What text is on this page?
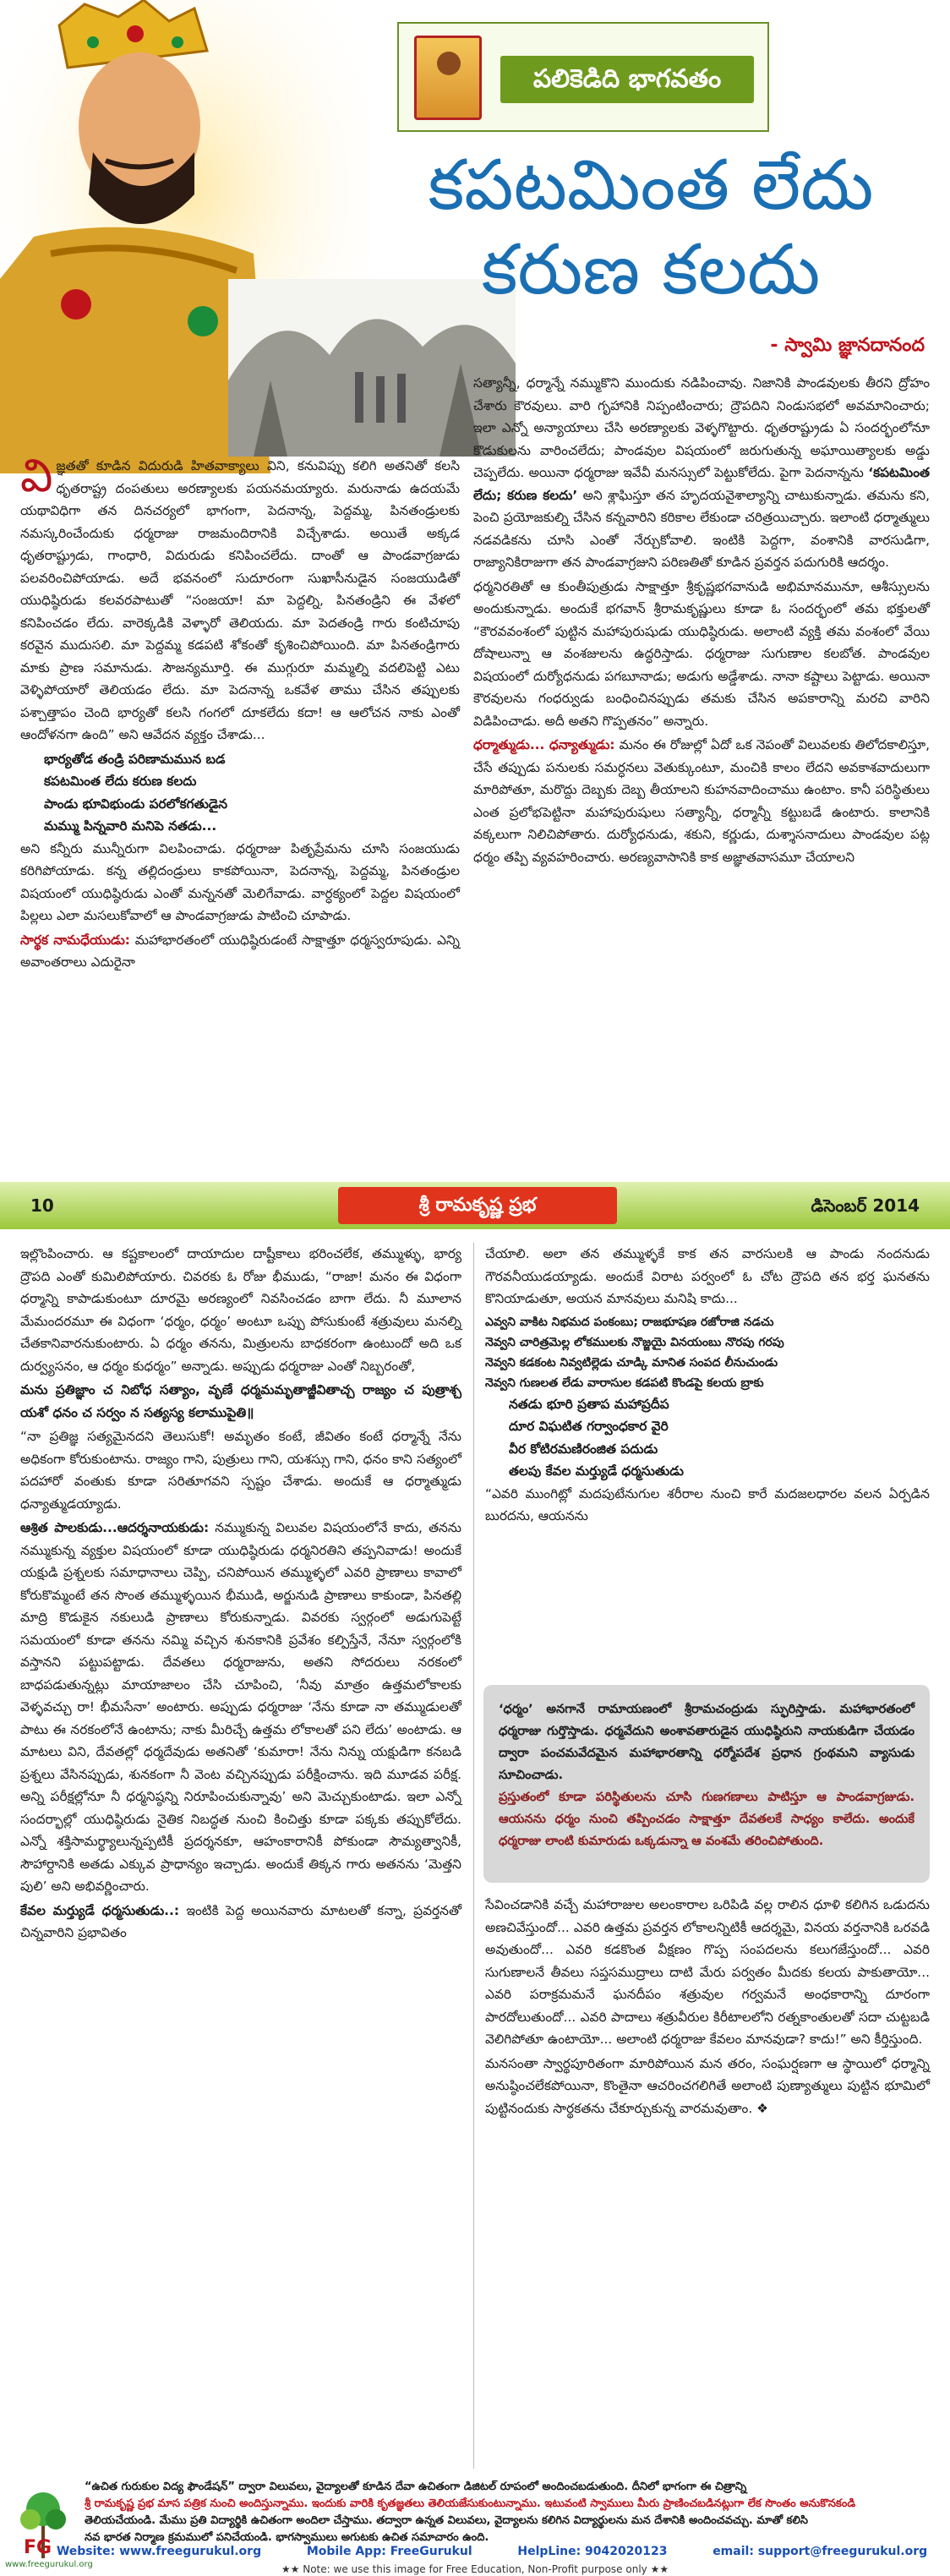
పలికెడిది భాగవతం
కపటమింత లేదు
కరుణ కలదు
- స్వామి జ్ఞానదానంద

సత్యాన్నీ, ధర్మాన్నే నమ్ముకొని ముందుకు నడిపించావు. నిజానికి పాండవులకు తీరని ద్రోహం చేశారు కౌరవులు. వారి గృహానికి నిప్పంటించారు; ద్రౌపదిని నిండుసభలో అవమానించారు; ఇలా ఎన్నో అన్యాయాలు చేసి అరణ్యాలకు వెళ్ళగొట్టారు. ధృతరాష్ట్రుడు ఏ సందర్భంలోనూ కొడుకులను వారించలేదు; పాండవుల విషయంలో జరుగుతున్న అఘాయిత్యాలకు అడ్డు చెప్పలేదు. అయినా ధర్మరాజు ఇవేవీ మనస్సులో పెట్టుకోలేదు. పైగా పెదనాన్నను ‘కపటమింత లేదు; కరుణ కలదు’ అని శ్లాఘిస్తూ తన హృదయవైశాల్యాన్ని చాటుకున్నాడు. తమను కని, పెంచి ప్రయోజకుల్ని చేసిన కన్నవారిని కరికాల లేకుండా చరిత్రయిచ్చారు. ఇలాంటి ధర్మాత్ములు నడవడికను చూసి ఎంతో నేర్చుకోవాలి. ఇంటికి పెద్దగా, వంశానికి వారసుడిగా, రాజ్యానికిరాజుగా తన పాండవాగ్రజుని పరిణతితో కూడిన ప్రవర్తన పదుగురికి ఆదర్శం.

ధర్మనిరతితో ఆ కుంతీపుత్రుడు సాక్షాత్తూ శ్రీకృష్ణభగవానుడి అభిమానమునూ, ఆశీస్సులను అందుకున్నాడు. అందుకే భగవాన్ శ్రీరామకృష్ణులు కూడా ఓ సందర్భంలో తమ భక్తులతో “కౌరవవంశంలో పుట్టిన మహాపురుషుడు యుధిష్ఠిరుడు. అలాంటి వ్యక్తి తమ వంశంలో వేయి దోషాలున్నా ఆ వంశజులను ఉద్ధరిస్తాడు. ధర్మరాజు సుగుణాల కలబోత. పాండవుల విషయంలో దుర్యోధనుడు పగబూనాడు; అడుగు అడ్డేశాడు. నానా కష్టాలు పెట్టాడు. అయినా కౌరవులను గంధర్వుడు బంధించినప్పుడు తమకు చేసిన అపకారాన్ని మరచి వారిని విడిపించాడు. అదీ అతని గొప్పతనం” అన్నారు.

ధర్మాత్ముడు... ధన్యాత్ముడు: మనం ఈ రోజుల్లో ఏదో ఒక నెపంతో విలువలకు తిలోదకాలిస్తూ, చేసే తప్పుడు పనులకు సమర్ధనలు వెతుక్కుంటూ, మంచికి కాలం లేదని అవకాశవాదులుగా మారిపోతూ, మరొద్దు దెబ్బకు దెబ్బ తీయాలని కుహనవాదించాము ఉంటాం. కానీ పరిస్థితులు ఎంత ప్రలోభపెట్టినా మహాపురుషులు సత్యాన్నీ, ధర్మాన్నీ కట్టుబడే ఉంటారు. కాలానికి వక్కలుగా నిలిచిపోతారు. దుర్యోధనుడు, శకుని, కర్ణుడు, దుశ్శాసనాదులు పాండవుల పట్ల ధర్మం తప్పి వ్యవహరించారు. అరణ్యవాసానికి కాక అజ్ఞాతవాసమూ చేయాలని

వి జ్ఞతతో కూడిన విదురుడి హితవాక్యాలు విని, కనువిప్పు కలిగి అతనితో కలసి ధృతరాష్ట్ర దంపతులు అరణ్యాలకు పయనమయ్యారు. మరునాడు ఉదయమే యథావిధిగా తన దినచర్యలో భాగంగా, పెదనాన్న, పెద్దమ్మ, పినతండ్రులకు నమస్కరించేందుకు ధర్మరాజు రాజమందిరానికి విచ్చేశాడు. అయితే అక్కడ ధృతరాష్ట్రుడు, గాంధారి, విదురుడు కనిపించలేదు. దాంతో ఆ పాండవాగ్రజుడు పలవరించిపోయాడు. అదే భవనంలో సుదూరంగా సుఖాసీనుడైన సంజయుడితో యుధిష్ఠిరుడు కలవరపాటుతో “సంజయా! మా పెద్దల్ని, పినతండ్రిని ఈ వేళలో కనిపించడం లేదు. వారెక్కడికి వెళ్ళారో తెలియదు. మా పెదతండ్రి గారు కంటిచూపు కరవైన ముదుసలి. మా పెద్దమ్మ కడపటి శోకంతో కృశించిపోయింది. మా పినతండ్రిగారు మాకు ప్రాణ సమానుడు. సౌజన్యమూర్తి. ఈ ముగ్గురూ మమ్మల్ని వదలిపెట్టి ఎటు వెళ్ళిపోయారో తెలియడం లేదు. మా పెదనాన్న ఒకవేళ తాము చేసిన తప్పులకు పశ్చాత్తాపం చెంది భార్యతో కలసి గంగలో దూకలేదు కదా! ఆ ఆలోచన నాకు ఎంతో ఆందోళనగా ఉంది” అని ఆవేదన వ్యక్తం చేశాడు...

భార్యతోడ తండ్రి పరిణామమున బడ
కపటమింత లేదు కరుణ కలదు
పాండు భూవిభుండు పరలోకగతుడైన
మమ్ము పిన్నవారి మనిపె నతడు...

అని కన్నీరు మున్నీరుగా విలపించాడు. ధర్మరాజు పితృప్రేమను చూసి సంజయుడు కరిగిపోయాడు. కన్న తల్లిదండ్రులు కాకపోయినా, పెదనాన్న, పెద్దమ్మ, పినతండ్రుల విషయంలో యుధిష్ఠిరుడు ఎంతో మన్ననతో మెలిగేవాడు. వార్ధక్యంలో పెద్దల విషయంలో పిల్లలు ఎలా మసలుకోవాలో ఆ పాండవాగ్రజుడు పాటించి చూపాడు.

సార్థక నామధేయుడు: మహాభారతంలో యుధిష్ఠిరుడంటే సాక్షాత్తూ ధర్మస్వరూపుడు. ఎన్ని అవాంతరాలు ఎదురైనా

10	శ్రీ రామకృష్ణ ప్రభ	డిసెంబర్ 2014

ఇల్లొంపించారు. ఆ కష్టకాలంలో దాయాదుల దాష్టీకాలు భరించలేక, తమ్ముళ్ళు, భార్య ద్రౌపది ఎంతో కుమిలిపోయారు. చివరకు ఓ రోజు భీముడు, “రాజా! మనం ఈ విధంగా ధర్మాన్ని కాపాడుకుంటూ దూరమై అరణ్యంలో నివసించడం బాగా లేదు. నీ మూలాన మేమందరమూ ఈ విధంగా ‘ధర్మం, ధర్మం’ అంటూ ఒప్పు పోసుకుంటే శత్రువులు మనల్ని చేతకానివారనుకుంటారు. ఏ ధర్మం తనను, మిత్రులను బాధకరంగా ఉంటుందో అది ఒక దుర్వ్యసనం, ఆ ధర్మం కుధర్మం” అన్నాడు. అప్పుడు ధర్మరాజు ఎంతో నిబ్బరంతో,

మను ప్రతిజ్ఞాం చ నిబోధ సత్యాం, వృణే ధర్మమమృతాజ్జీవితాచ్చ రాజ్యం చ పుత్రాశ్చ యశో ధనం చ సర్వం న సత్యస్య కలాముపైతి॥

“నా ప్రతిజ్ఞ సత్యమైనదని తెలుసుకో! అమృతం కంటే, జీవితం కంటే ధర్మాన్నే నేను అధికంగా కోరుకుంటాను. రాజ్యం గాని, పుత్రులు గాని, యశస్సు గాని, ధనం కాని సత్యంలో పదహారో వంతుకు కూడా సరితూగవని స్పష్టం చేశాడు. అందుకే ఆ ధర్మాత్ముడు ధన్యాత్ముడయ్యాడు.

ఆశ్రిత పాలకుడు...ఆదర్శనాయకుడు: నమ్ముకున్న విలువల విషయంలోనే కాదు, తనను నమ్ముకున్న వ్యక్తుల విషయంలో కూడా యుధిష్ఠిరుడు ధర్మనిరతిని తప్పనివాడు! అందుకే యక్షుడి ప్రశ్నలకు సమాధానాలు చెప్పి, చనిపోయిన తమ్ముళ్ళలో ఎవరి ప్రాణాలు కావాలో కోరుకొమ్మంటే తన సొంత తమ్ముళ్ళయిన భీముడి, అర్జునుడి ప్రాణాలు కాకుండా, పినతల్లి మాద్రి కొడుకైన నకులుడి ప్రాణాలు కోరుకున్నాడు. వివరకు స్వర్గంలో అడుగుపెట్టే సమయంలో కూడా తనను నమ్మి వచ్చిన శునకానికి ప్రవేశం కల్పిస్తేనే, నేనూ స్వర్గంలోకి వస్తానని పట్టుపట్టాడు. దేవతలు ధర్మరాజును, అతని సోదరులు నరకంలో బాధపడుతున్నట్లు మాయాజాలం చేసి చూపించి, ‘నీవు మాత్రం ఉత్తమలోకాలకు వెళ్ళవచ్చు రా! భీమసేనా’ అంటారు. అప్పుడు ధర్మరాజు ‘నేను కూడా నా తమ్ముడులతో పాటు ఈ నరకంలోనే ఉంటాను; నాకు మీరిచ్చే ఉత్తమ లోకాలతో పని లేదు’ అంటాడు. ఆ మాటలు విని, దేవతల్లో ధర్మదేవుడు అతనితో ‘కుమారా! నేను నిన్ను యక్షుడిగా కనబడి ప్రశ్నలు వేసినప్పుడు, శునకంగా నీ వెంట వచ్చినప్పుడు పరీక్షించాను. ఇది మూడవ పరీక్ష. అన్ని పరీక్షల్లోనూ నీ ధర్మనిష్ఠన్ని నిరూపించుకున్నావు’ అని మెచ్చుకుంటాడు. ఇలా ఎన్నో సందర్భాల్లో యుధిష్ఠిరుడు నైతిక నిబద్ధత నుంచి కించిత్తు కూడా పక్కకు తప్పుకోలేదు. ఎన్నో శక్తిసామర్థ్యాలున్నప్పటికీ ప్రదర్శనకూ, ఆహంకారానికీ పోకుండా సౌమ్యత్వానికీ, సౌహార్దానికి అతడు ఎక్కువ ప్రాధాన్యం ఇచ్చాడు. అందుకే తిక్కన గారు అతనను ‘మెత్తని పులి’ అని అభివర్ణించారు.

కేవల మర్త్యుడే ధర్మసుతుడు..: ఇంటికి పెద్ద అయినవారు మాటలతో కన్నా, ప్రవర్తనతో చిన్నవారిని ప్రభావితం

చేయాలి. అలా తన తమ్ముళ్ళకే కాక తన వారసులకి ఆ పాండు నందనుడు గౌరవనీయుడయ్యాడు. అందుకే విరాట పర్వంలో ఓ చోట ద్రౌపది తన భర్త ఘనతను కొనియాడుతూ, అయన మానవులు మనిషి కాదు...

ఎవ్వని వాకిట నిభమద పంకంబు; రాజభూషణ రజోరాజి నడచు
నెవ్వని చారిత్రమెల్ల లోకములకు నొజ్జయై వినయంబు నొరపు గరపు
నెవ్వని కడకంట నివ్వటిల్లెడు చూడ్కి మానిత సంపద లీనుచుండు
నెవ్వని గుణలత లేడు వారాసుల కడపటి కొండపై కలయ బ్రాకు
నతడు భూరి ప్రతాప మహాప్రదీప
దూర విఘటిత గర్వాంధకార వైరి
వీర కోటిరమణిరంజిత పదుడు
తలపు కేవల మర్త్యుడే ధర్మసుతుడు

“ఎవరి ముంగిట్లో మదపుటేనుగుల శరీరాల నుంచి కారే మదజలధారల వలన ఏర్పడిన బురదను, ఆయనను

‘ధర్మం’ అనగానే రామాయణంలో శ్రీరామచంద్రుడు స్ఫురిస్తాడు. మహాభారతంలో ధర్మరాజు గుర్తొస్తాడు. ధర్మవేదుని అంశావతారుడైన యుధిష్ఠిరుని నాయకుడిగా చేయడం ద్వారా పంచమవేదమైన మహాభారతాన్ని ధర్మోపదేశ ప్రధాన గ్రంథమని వ్యాసుడు సూచించాడు.

ప్రస్తుతంలో కూడా పరిస్థితులను చూసి గుణగణాలు పాటిస్తూ ఆ పాండవాగ్రజుడు. ఆయనను ధర్మం నుంచి తప్పించడం సాక్షాత్తూ దేవతలకే సాధ్యం కాలేదు. అందుకే ధర్మరాజు లాంటి కుమారుడు ఒక్కడున్నా ఆ వంశమే తరించిపోతుంది.

సేవించడానికి వచ్చే మహారాజుల అలంకారాల ఒరిపిడి వల్ల రాలిన ధూళి కలిగిన ఒడుదను అణచివేస్తుందో... ఎవరి ఉత్తమ ప్రవర్తన లోకాలన్నిటికీ ఆదర్శమై, వినయ వర్తనానికి ఒరవడి అవుతుందో... ఎవరి కడకొంత వీక్షణం గొప్ప సంపదలను కలుగజేస్తుందో... ఎవరి సుగుణాలనే తీవలు సప్తసముద్రాలు దాటి మేరు పర్వతం మీదకు కలయ పాకుతాయో... ఎవరి పరాక్రమమనే ఘనదీపం శత్రువుల గర్వమనే అంధకారాన్ని దూరంగా పారదోలుతుందో... ఎవరి పాదాలు శత్రువీరుల కిరీటాలలోని రత్నకాంతులతో సదా చుట్టబడి వెలిగిపోతూ ఉంటాయో... అలాంటి ధర్మరాజు కేవలం మానవుడా? కాదు!” అని కీర్తిస్తుంది.

మనసంతా స్వార్థపూరితంగా మారిపోయిన మన తరం, సంఘర్షణగా ఆ స్థాయిలో ధర్మాన్ని అనుష్ఠించలేకపోయినా, కొంతైనా ఆచరించగలిగితే అలాంటి పుణ్యాత్ములు పుట్టిన భూమిలో పుట్టినందుకు సార్థకతను చేకూర్చుకున్న వారమవుతాం. ❖

FG
www.freegurukul.org
“ఉచిత గురుకుల విద్య ఫౌండేషన్” ద్వారా విలువలు, వైద్యాలతో కూడిన దేవా ఉచితంగా డిజిటల్ రూపంలో అందించబడుతుంది. దీనిలో భాగంగా ఈ చిత్రాన్ని
శ్రీ రామకృష్ణ ప్రభ మాస పత్రిక నుంచి అందిస్తున్నాము. ఇందుకు వారికి కృతజ్ఞతలు తెలియజేసుకుంటున్నాము. ఇటువంటి స్వాములు మీరు ప్రాణించబడినట్లుగా లేక సొంతం అనుకొనకండి
తెలియచేయండి. మేము ప్రతి విద్యార్థికి ఉచితంగా అందిలా చేస్తాము. తద్వారా ఉన్నత విలువలు, వైద్యాలను కలిగిన విద్యార్థులను మన దేశానికి అందించవచ్చు. మాతో కలిసి
నవ భారత నిర్మాణ క్రమములో పనిచేయండి. భాగస్వాములు అగుటకు ఉచిత సమాచారం ఉంది.
Website: www.freegurukul.org	Mobile App: FreeGurukul	HelpLine: 9042020123	email: support@freegurukul.org
★★ Note: we use this image for Free Education, Non-Profit purpose only ★★
